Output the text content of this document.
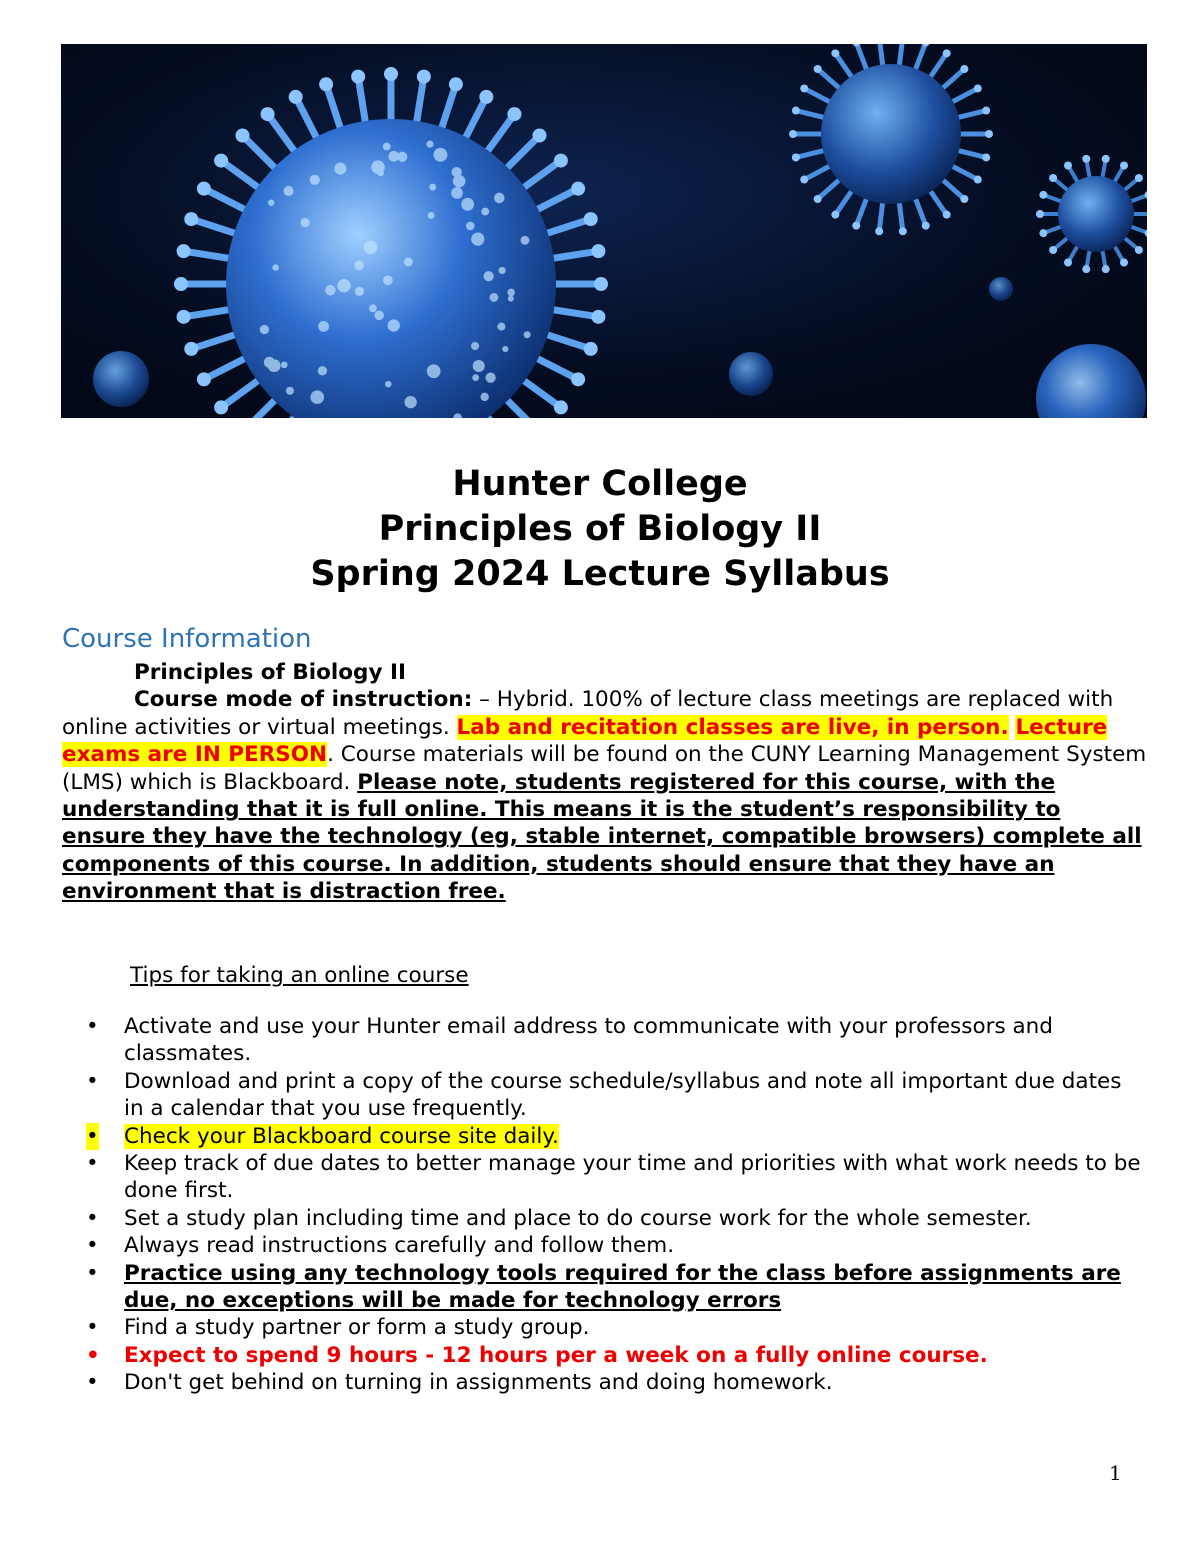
Hunter College
Principles of Biology II
Spring 2024 Lecture Syllabus
Course Information
Principles of Biology II
Course mode of instruction: – Hybrid. 100% of lecture class meetings are replaced with online activities or virtual meetings. Lab and recitation classes are live, in person. Lecture exams are IN PERSON. Course materials will be found on the CUNY Learning Management System (LMS) which is Blackboard. Please note, students registered for this course, with the understanding that it is full online. This means it is the student’s responsibility to ensure they have the technology (eg, stable internet, compatible browsers) complete all components of this course. In addition, students should ensure that they have an environment that is distraction free.
Tips for taking an online course
• Activate and use your Hunter email address to communicate with your professors and classmates.
• Download and print a copy of the course schedule/syllabus and note all important due dates in a calendar that you use frequently.
• Check your Blackboard course site daily.
• Keep track of due dates to better manage your time and priorities with what work needs to be done first.
• Set a study plan including time and place to do course work for the whole semester.
• Always read instructions carefully and follow them.
• Practice using any technology tools required for the class before assignments are due, no exceptions will be made for technology errors
• Find a study partner or form a study group.
• Expect to spend 9 hours - 12 hours per a week on a fully online course.
• Don't get behind on turning in assignments and doing homework.
1
